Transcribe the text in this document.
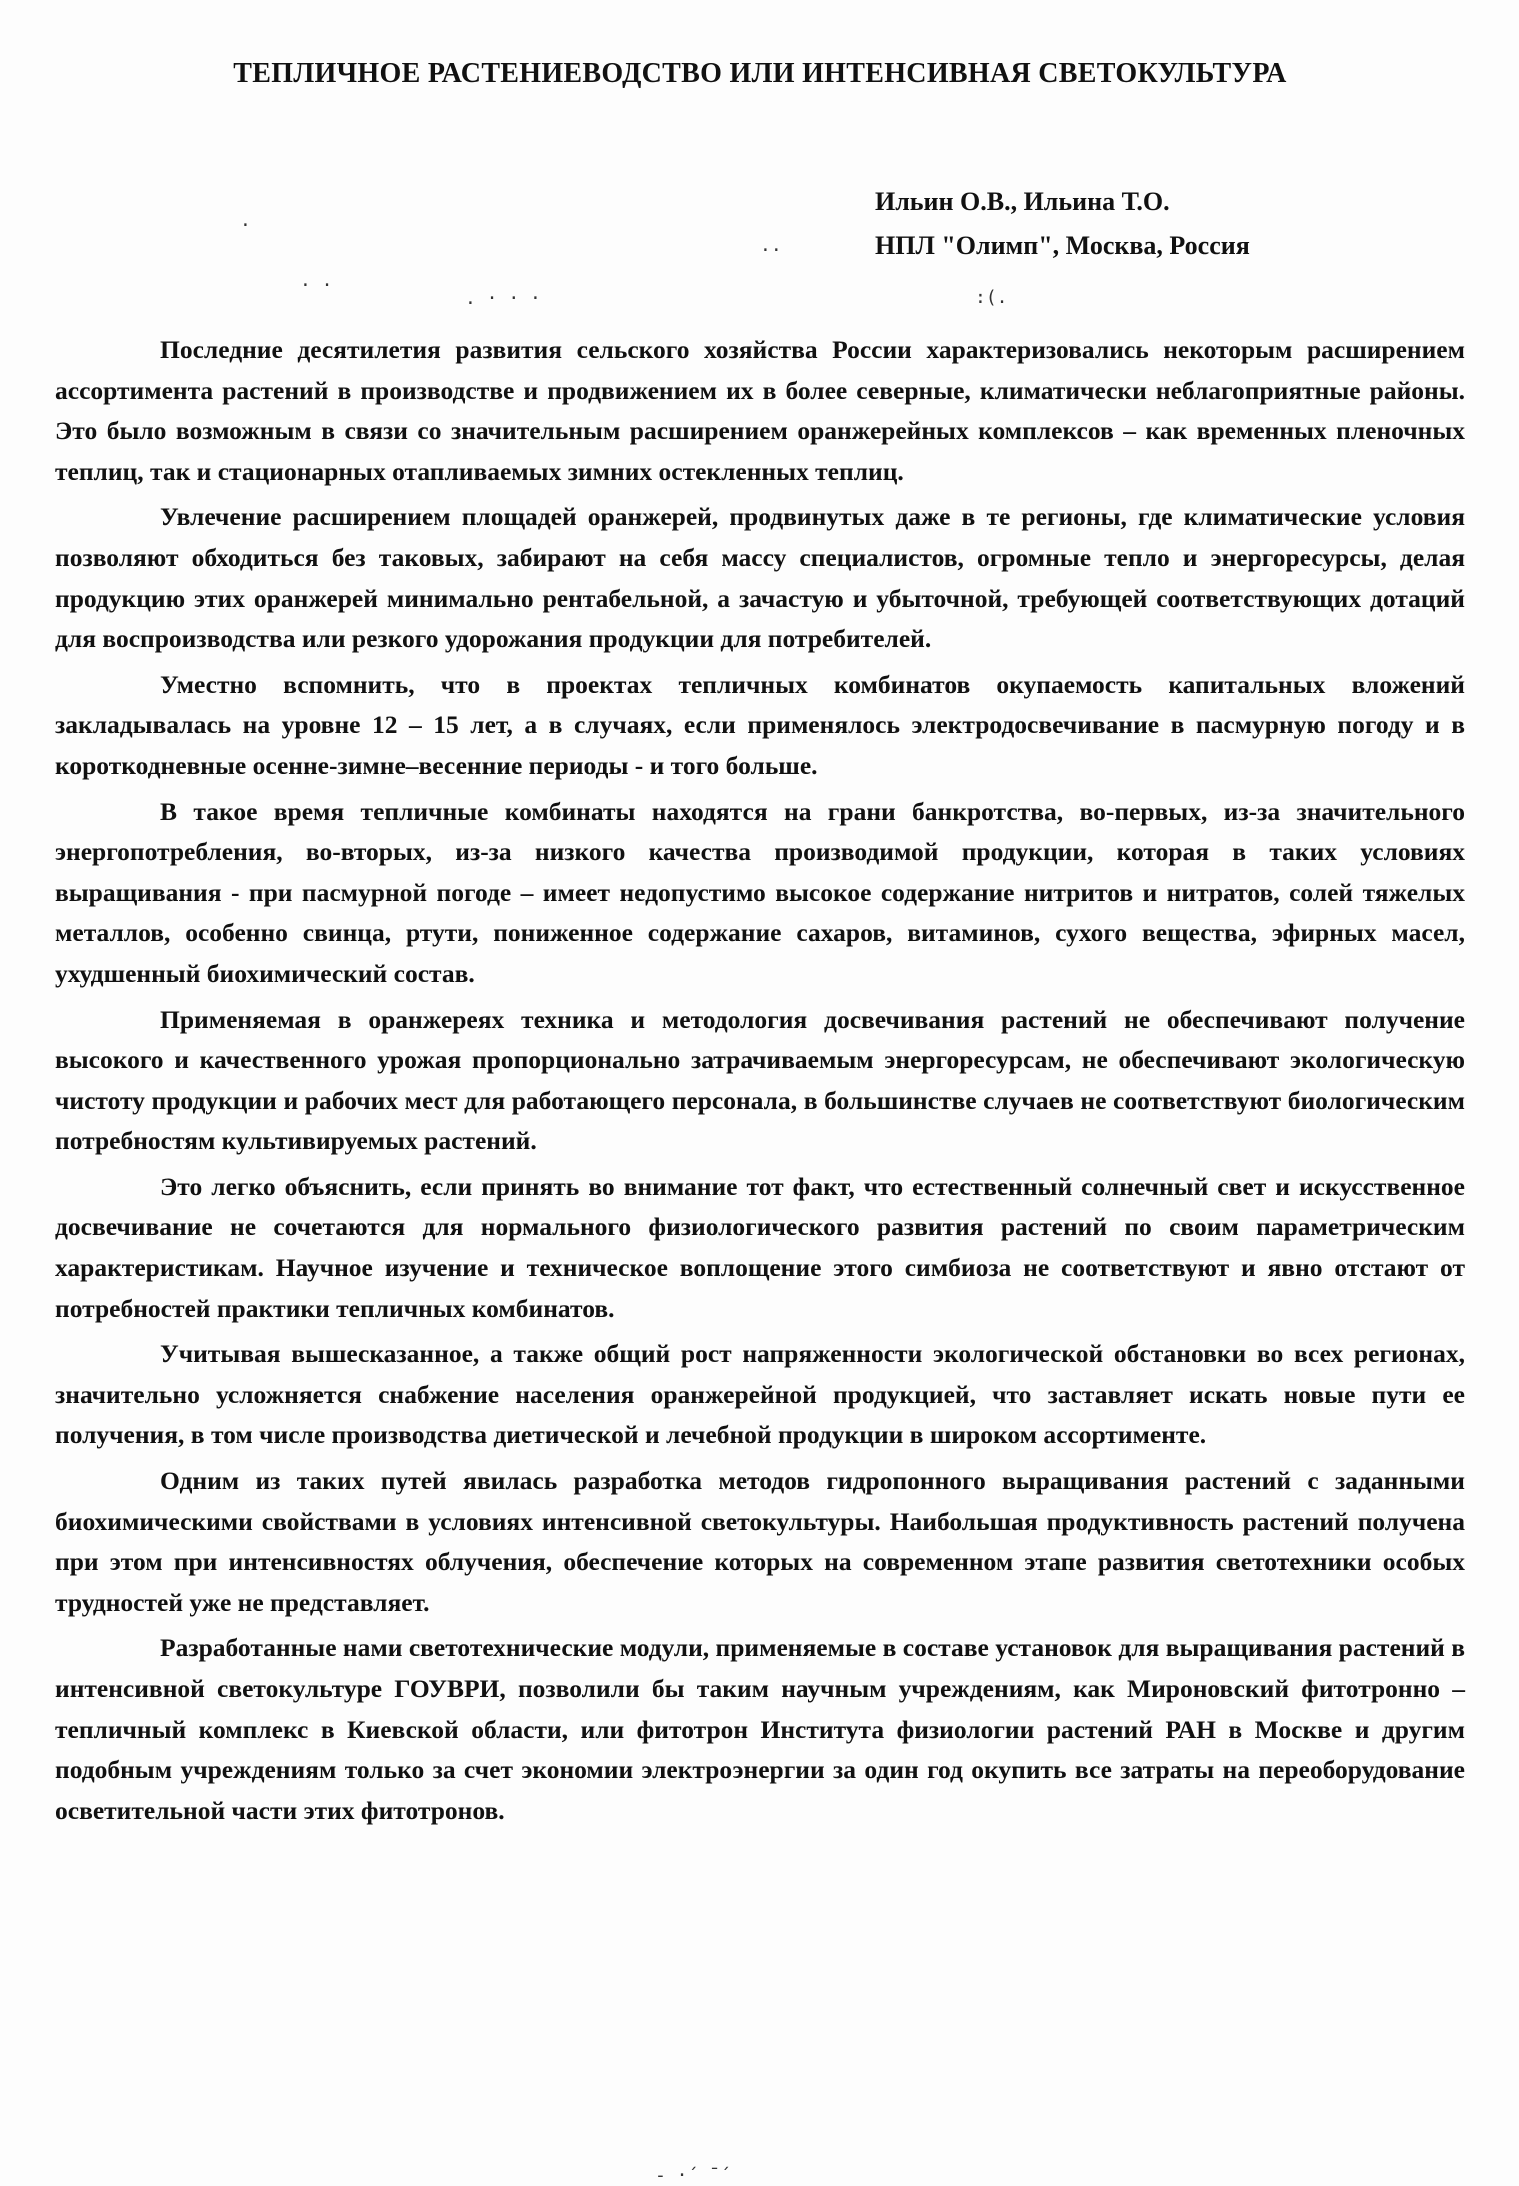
ТЕПЛИЧНОЕ РАСТЕНИЕВОДСТВО ИЛИ ИНТЕНСИВНАЯ СВЕТОКУЛЬТУРА
Ильин О.В., Ильина Т.О.
НПЛ "Олимп", Москва, Россия
·
· ·
. · · ·	:(.
..
- ·´ ˉ´

Последние десятилетия развития сельского хозяйства России характеризовались некоторым расширением ассортимента растений в производстве и продвижением их в более северные, климатически неблагоприятные районы. Это было возможным в связи со значительным расширением оранжерейных комплексов – как временных пленочных теплиц, так и стационарных отапливаемых зимних остекленных теплиц.

Увлечение расширением площадей оранжерей, продвинутых даже в те регионы, где климатические условия позволяют обходиться без таковых, забирают на себя массу специалистов, огромные тепло и энергоресурсы, делая продукцию этих оранжерей минимально рентабельной, а зачастую и убыточной, требующей соответствующих дотаций для воспроизводства или резкого удорожания продукции для потребителей.

Уместно вспомнить, что в проектах тепличных комбинатов окупаемость капитальных вложений закладывалась на уровне 12 – 15 лет, а в случаях, если применялось электродосвечивание в пасмурную погоду и в короткодневные осенне-зимне–весенние периоды - и того больше.

В такое время тепличные комбинаты находятся на грани банкротства, во-первых, из-за значительного энергопотребления, во-вторых, из-за низкого качества производимой продукции, которая в таких условиях выращивания - при пасмурной погоде – имеет недопустимо высокое содержание нитритов и нитратов, солей тяжелых металлов, особенно свинца, ртути, пониженное содержание сахаров, витаминов, сухого вещества, эфирных масел, ухудшенный биохимический состав.

Применяемая в оранжереях техника и методология досвечивания растений не обеспечивают получение высокого и качественного урожая пропорционально затрачиваемым энергоресурсам, не обеспечивают экологическую чистоту продукции и рабочих мест для работающего персонала, в большинстве случаев не соответствуют биологическим потребностям культивируемых растений.

Это легко объяснить, если принять во внимание тот факт, что естественный солнечный свет и искусственное досвечивание не сочетаются для нормального физиологического развития растений по своим параметрическим характеристикам. Научное изучение и техническое воплощение этого симбиоза не соответствуют и явно отстают от потребностей практики тепличных комбинатов.

Учитывая вышесказанное, а также общий рост напряженности экологической обстановки во всех регионах, значительно усложняется снабжение населения оранжерейной продукцией, что заставляет искать новые пути ее получения, в том числе производства диетической и лечебной продукции в широком ассортименте.

Одним из таких путей явилась разработка методов гидропонного выращивания растений с заданными биохимическими свойствами в условиях интенсивной светокультуры. Наибольшая продуктивность растений получена при этом при интенсивностях облучения, обеспечение которых на современном этапе развития светотехники особых трудностей уже не представляет.

Разработанные нами светотехнические модули, применяемые в составе установок для выращивания растений в интенсивной светокультуре ГОУВРИ, позволили бы таким научным учреждениям, как Мироновский фитотронно – тепличный комплекс в Киевской области, или фитотрон Института физиологии растений РАН в Москве и другим подобным учреждениям только за счет экономии электроэнергии за один год окупить все затраты на переоборудование осветительной части этих фитотронов.
